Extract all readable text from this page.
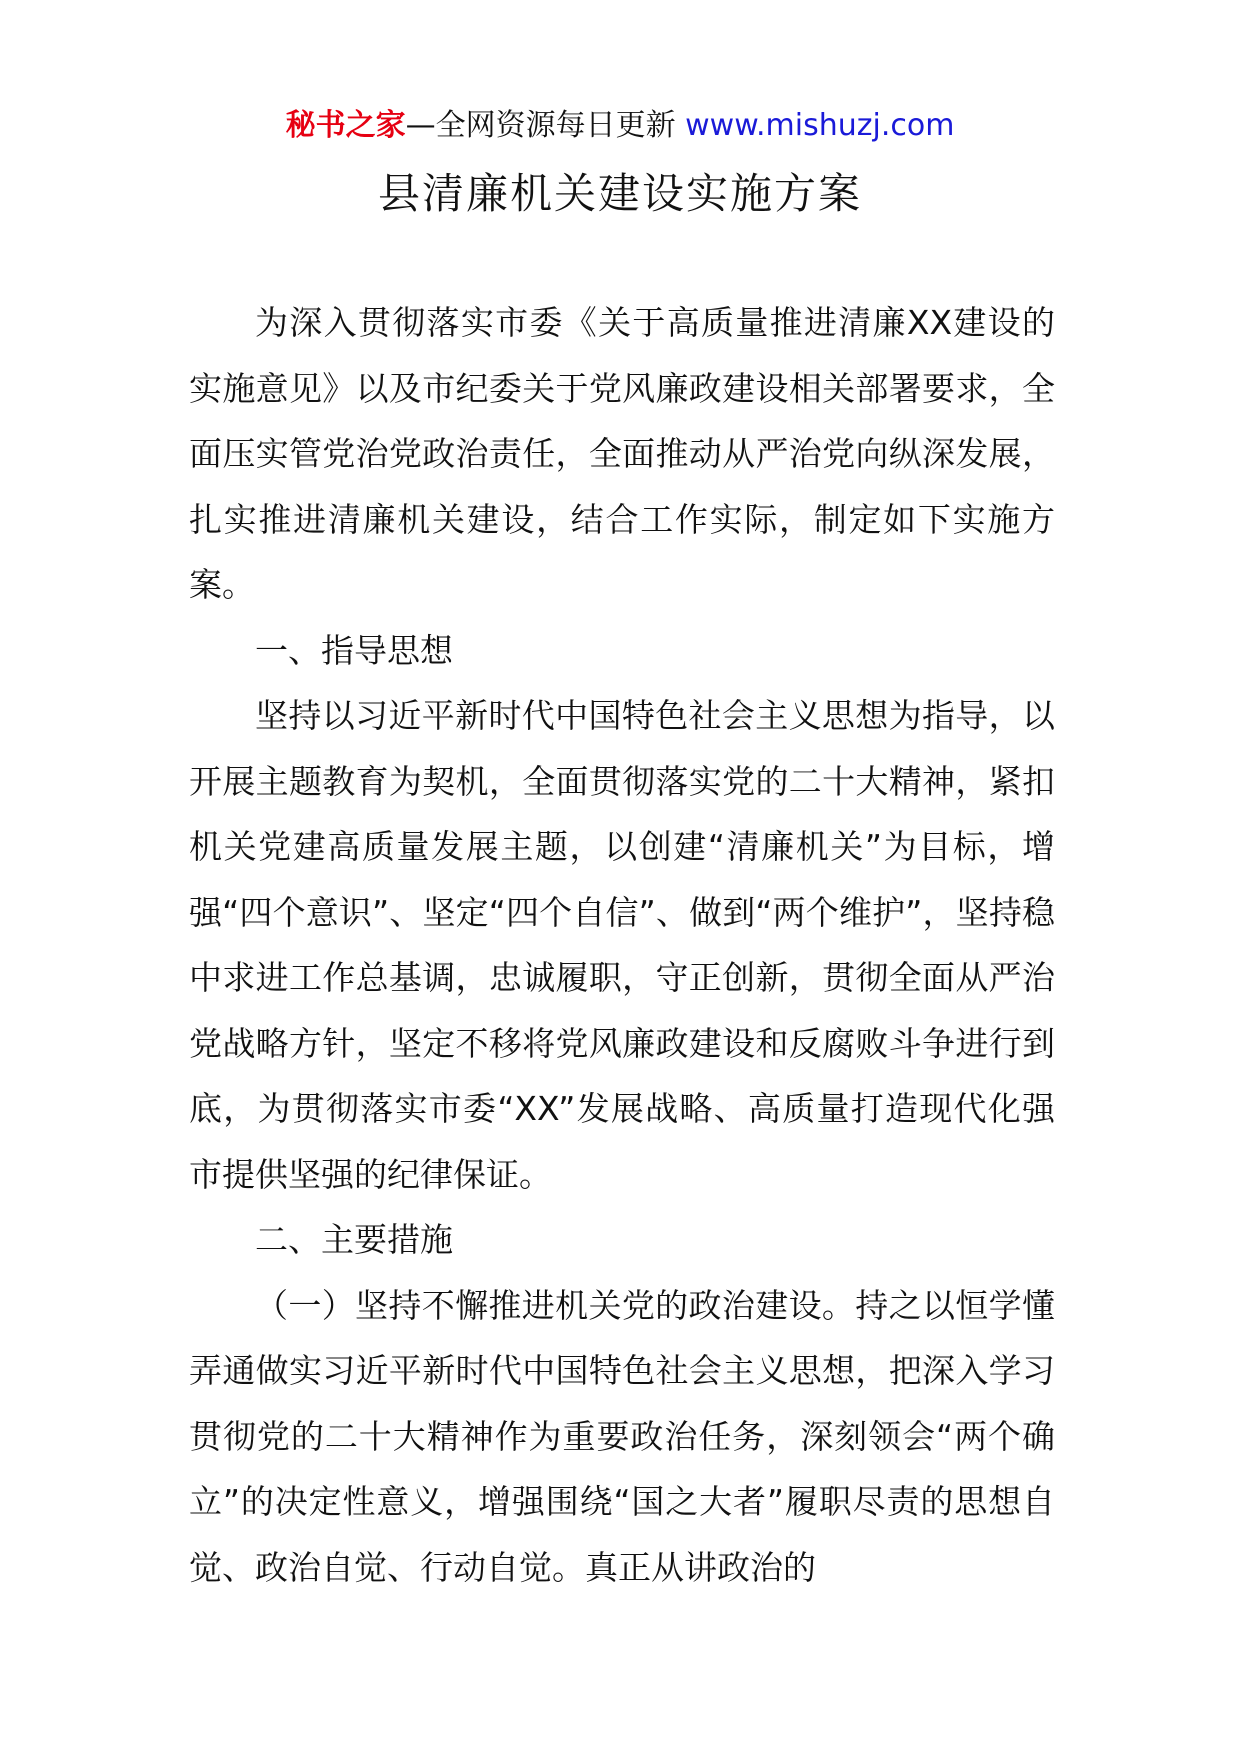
秘书之家—全网资源每日更新 www.mishuzj.com
县清廉机关建设实施方案

为深入贯彻落实市委《关于高质量推进清廉XX建设的实施意见》以及市纪委关于党风廉政建设相关部署要求，全面压实管党治党政治责任，全面推动从严治党向纵深发展，扎实推进清廉机关建设，结合工作实际，制定如下实施方案。

一、指导思想

坚持以习近平新时代中国特色社会主义思想为指导，以开展主题教育为契机，全面贯彻落实党的二十大精神，紧扣机关党建高质量发展主题，以创建“清廉机关”为目标，增强“四个意识”、坚定“四个自信”、做到“两个维护”，坚持稳中求进工作总基调，忠诚履职，守正创新，贯彻全面从严治党战略方针，坚定不移将党风廉政建设和反腐败斗争进行到底，为贯彻落实市委“XX”发展战略、高质量打造现代化强市提供坚强的纪律保证。

二、主要措施

（一）坚持不懈推进机关党的政治建设。持之以恒学懂弄通做实习近平新时代中国特色社会主义思想，把深入学习贯彻党的二十大精神作为重要政治任务，深刻领会“两个确立”的决定性意义，增强围绕“国之大者”履职尽责的思想自觉、政治自觉、行动自觉。真正从讲政治的
